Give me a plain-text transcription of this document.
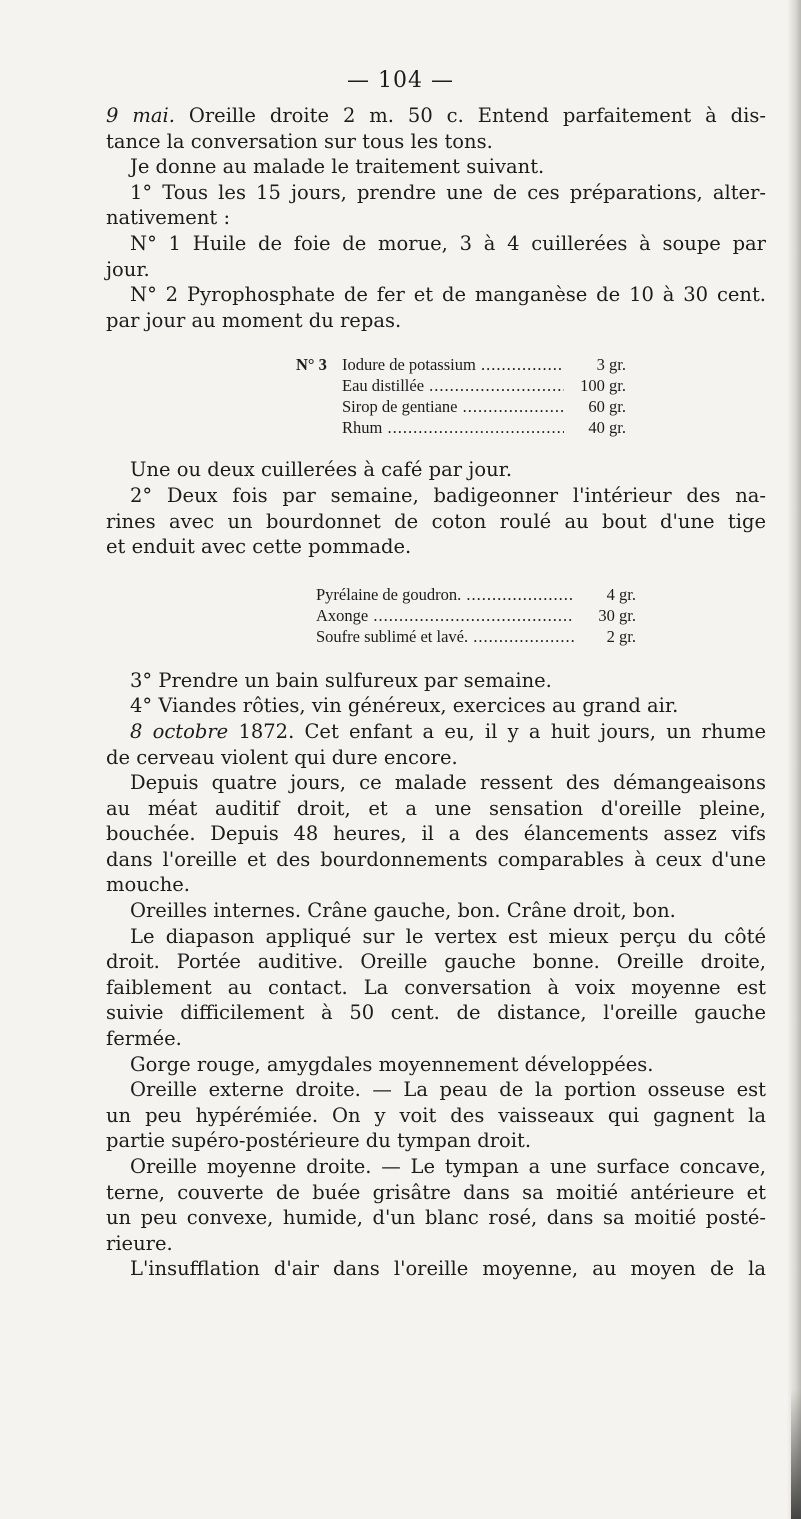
— 104 —

9 mai. Oreille droite 2 m. 50 c. Entend parfaitement à dis-
tance la conversation sur tous les tons.

Je donne au malade le traitement suivant.

1° Tous les 15 jours, prendre une de ces préparations, alter-
nativement :

N° 1 Huile de foie de morue, 3 à 4 cuillerées à soupe par
jour.

N° 2 Pyrophosphate de fer et de manganèse de 10 à 30 cent.
par jour au moment du repas.

N° 3 Iodure de potassium .....	3 gr.
Eau distillée .....	100 gr.
Sirop de gentiane .....	60 gr.
Rhum .....	40 gr.

Une ou deux cuillerées à café par jour.

2° Deux fois par semaine, badigeonner l'intérieur des na-
rines avec un bourdonnet de coton roulé au bout d'une tige
et enduit avec cette pommade.

Pyrélaine de goudron. .....	4 gr.
Axonge .....	30 gr.
Soufre sublimé et lavé. .....	2 gr.

3° Prendre un bain sulfureux par semaine.

4° Viandes rôties, vin généreux, exercices au grand air.

8 octobre 1872. Cet enfant a eu, il y a huit jours, un rhume
de cerveau violent qui dure encore.

Depuis quatre jours, ce malade ressent des démangeaisons
au méat auditif droit, et a une sensation d'oreille pleine,
bouchée. Depuis 48 heures, il a des élancements assez vifs
dans l'oreille et des bourdonnements comparables à ceux d'une
mouche.

Oreilles internes. Crâne gauche, bon. Crâne droit, bon.

Le diapason appliqué sur le vertex est mieux perçu du côté
droit. Portée auditive. Oreille gauche bonne. Oreille droite,
faiblement au contact. La conversation à voix moyenne est
suivie difficilement à 50 cent. de distance, l'oreille gauche
fermée.

Gorge rouge, amygdales moyennement développées.

Oreille externe droite. — La peau de la portion osseuse est
un peu hypérémiée. On y voit des vaisseaux qui gagnent la
partie supéro-postérieure du tympan droit.

Oreille moyenne droite. — Le tympan a une surface concave,
terne, couverte de buée grisâtre dans sa moitié antérieure et
un peu convexe, humide, d'un blanc rosé, dans sa moitié posté-
rieure.

L'insufflation d'air dans l'oreille moyenne, au moyen de la
